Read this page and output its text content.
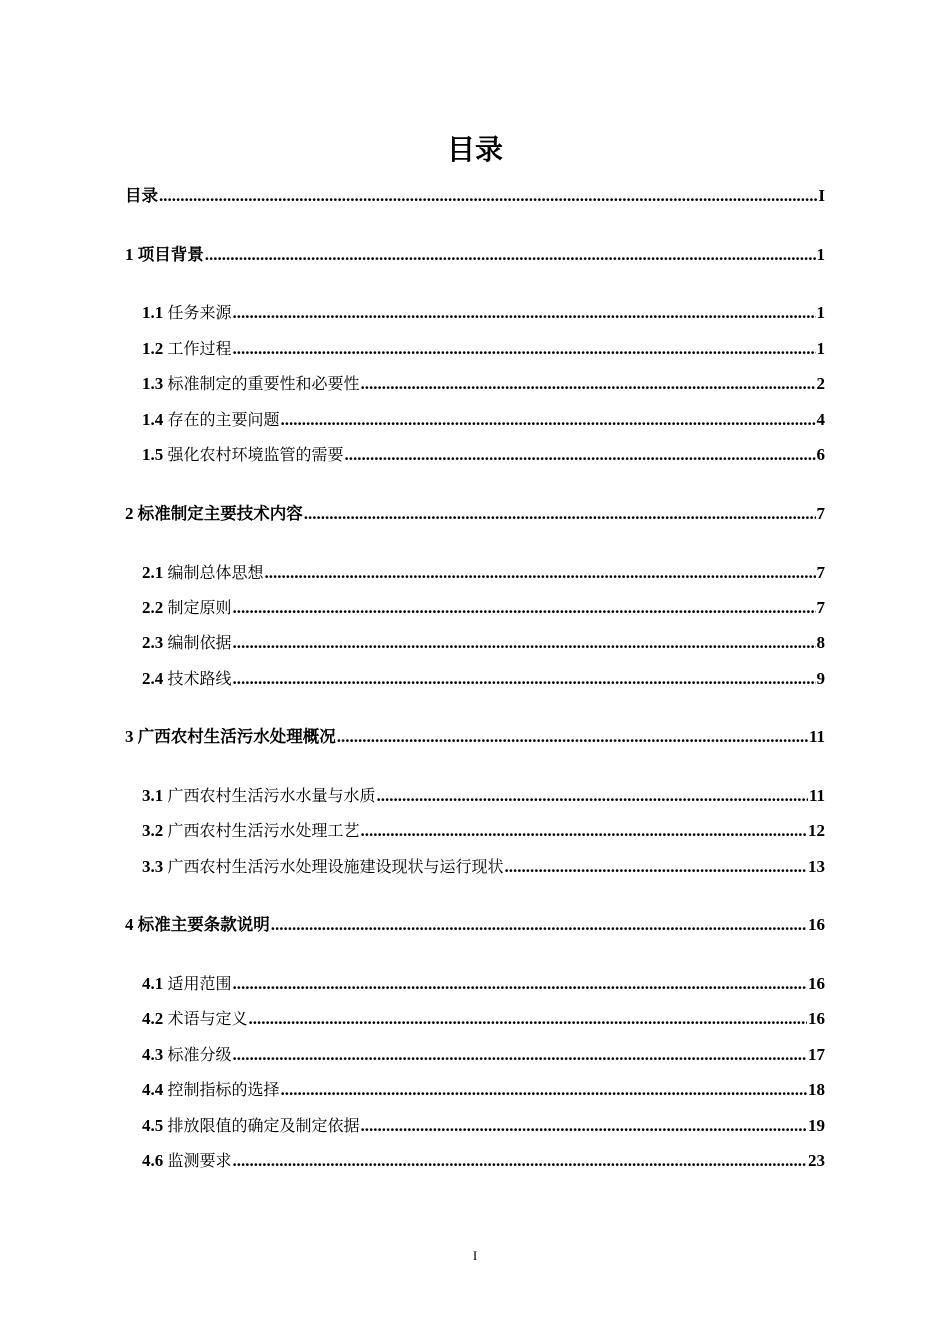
目录
目录 .....	I
1 项目背景 .....	1
1.1 任务来源 .....	1
1.2 工作过程 .....	1
1.3 标准制定的重要性和必要性 .....	2
1.4 存在的主要问题 .....	4
1.5 强化农村环境监管的需要 .....	6
2 标准制定主要技术内容 .....	7
2.1 编制总体思想 .....	7
2.2 制定原则 .....	7
2.3 编制依据 .....	8
2.4 技术路线 .....	9
3 广西农村生活污水处理概况 .....	11
3.1 广西农村生活污水水量与水质 .....	11
3.2 广西农村生活污水处理工艺 .....	12
3.3 广西农村生活污水处理设施建设现状与运行现状 .....	13
4 标准主要条款说明 .....	16
4.1 适用范围 .....	16
4.2 术语与定义 .....	16
4.3 标准分级 .....	17
4.4 控制指标的选择 .....	18
4.5 排放限值的确定及制定依据 .....	19
4.6 监测要求 .....	23
I
